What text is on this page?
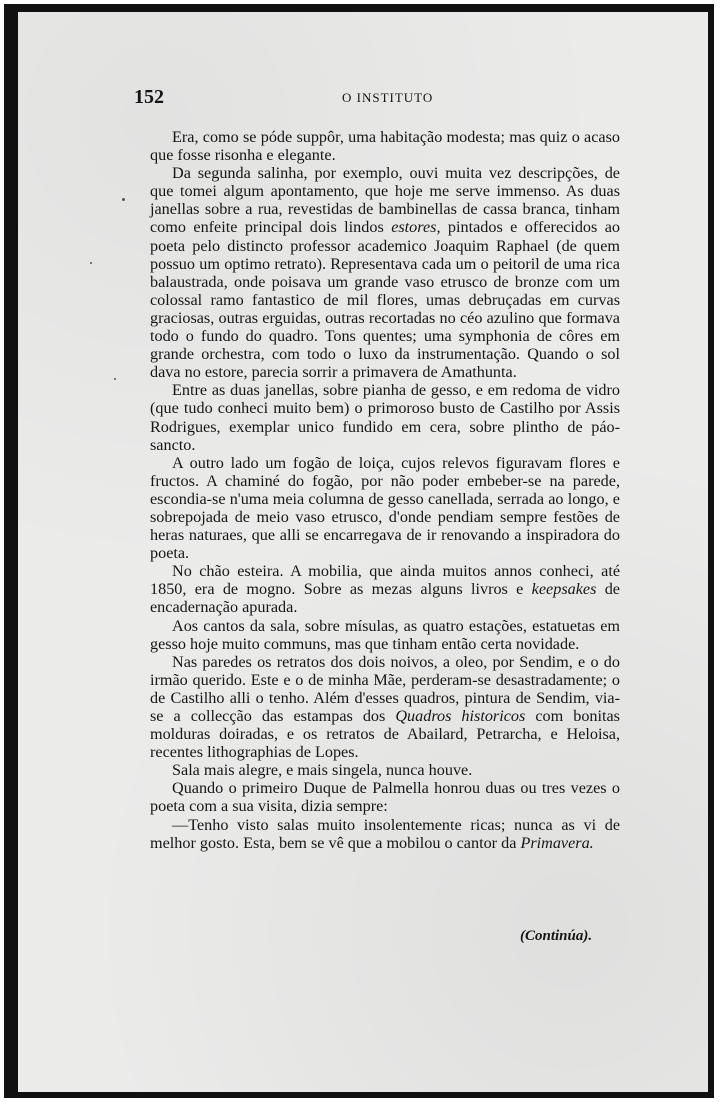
152	O INSTITUTO

Era, como se póde suppôr, uma habitação modesta; mas quiz o acaso que fosse risonha e elegante.

Da segunda salinha, por exemplo, ouvi muita vez descripções, de que tomei algum apontamento, que hoje me serve immenso. As duas janellas sobre a rua, revestidas de bambinellas de cassa branca, tinham como enfeite principal dois lindos estores, pintados e offerecidos ao poeta pelo distincto professor academico Joaquim Raphael (de quem possuo um optimo retrato). Representava cada um o peitoril de uma rica balaustrada, onde poisava um grande vaso etrusco de bronze com um colossal ramo fantastico de mil flores, umas debruçadas em curvas graciosas, outras erguidas, outras recortadas no céo azulino que formava todo o fundo do quadro. Tons quentes; uma symphonia de côres em grande orchestra, com todo o luxo da instrumentação. Quando o sol dava no estore, parecia sorrir a primavera de Amathunta.

Entre as duas janellas, sobre pianha de gesso, e em redoma de vidro (que tudo conheci muito bem) o primoroso busto de Castilho por Assis Rodrigues, exemplar unico fundido em cera, sobre plintho de páo-sancto.

A outro lado um fogão de loiça, cujos relevos figuravam flores e fructos. A chaminé do fogão, por não poder embeber-se na parede, escondia-se n'uma meia columna de gesso canellada, serrada ao longo, e sobrepojada de meio vaso etrusco, d'onde pendiam sempre festões de heras naturaes, que alli se encarregava de ir renovando a inspiradora do poeta.

No chão esteira. A mobilia, que ainda muitos annos conheci, até 1850, era de mogno. Sobre as mezas alguns livros e keepsakes de encadernação apurada.

Aos cantos da sala, sobre mísulas, as quatro estações, estatuetas em gesso hoje muito communs, mas que tinham então certa novidade.

Nas paredes os retratos dos dois noivos, a oleo, por Sendim, e o do irmão querido. Este e o de minha Mãe, perderam-se desastradamente; o de Castilho alli o tenho. Além d'esses quadros, pintura de Sendim, via-se a collecção das estampas dos Quadros historicos com bonitas molduras doiradas, e os retratos de Abailard, Petrarcha, e Heloisa, recentes lithographias de Lopes.

Sala mais alegre, e mais singela, nunca houve.

Quando o primeiro Duque de Palmella honrou duas ou tres vezes o poeta com a sua visita, dizia sempre:

—Tenho visto salas muito insolentemente ricas; nunca as vi de melhor gosto. Esta, bem se vê que a mobilou o cantor da Primavera.

(Continúa).
